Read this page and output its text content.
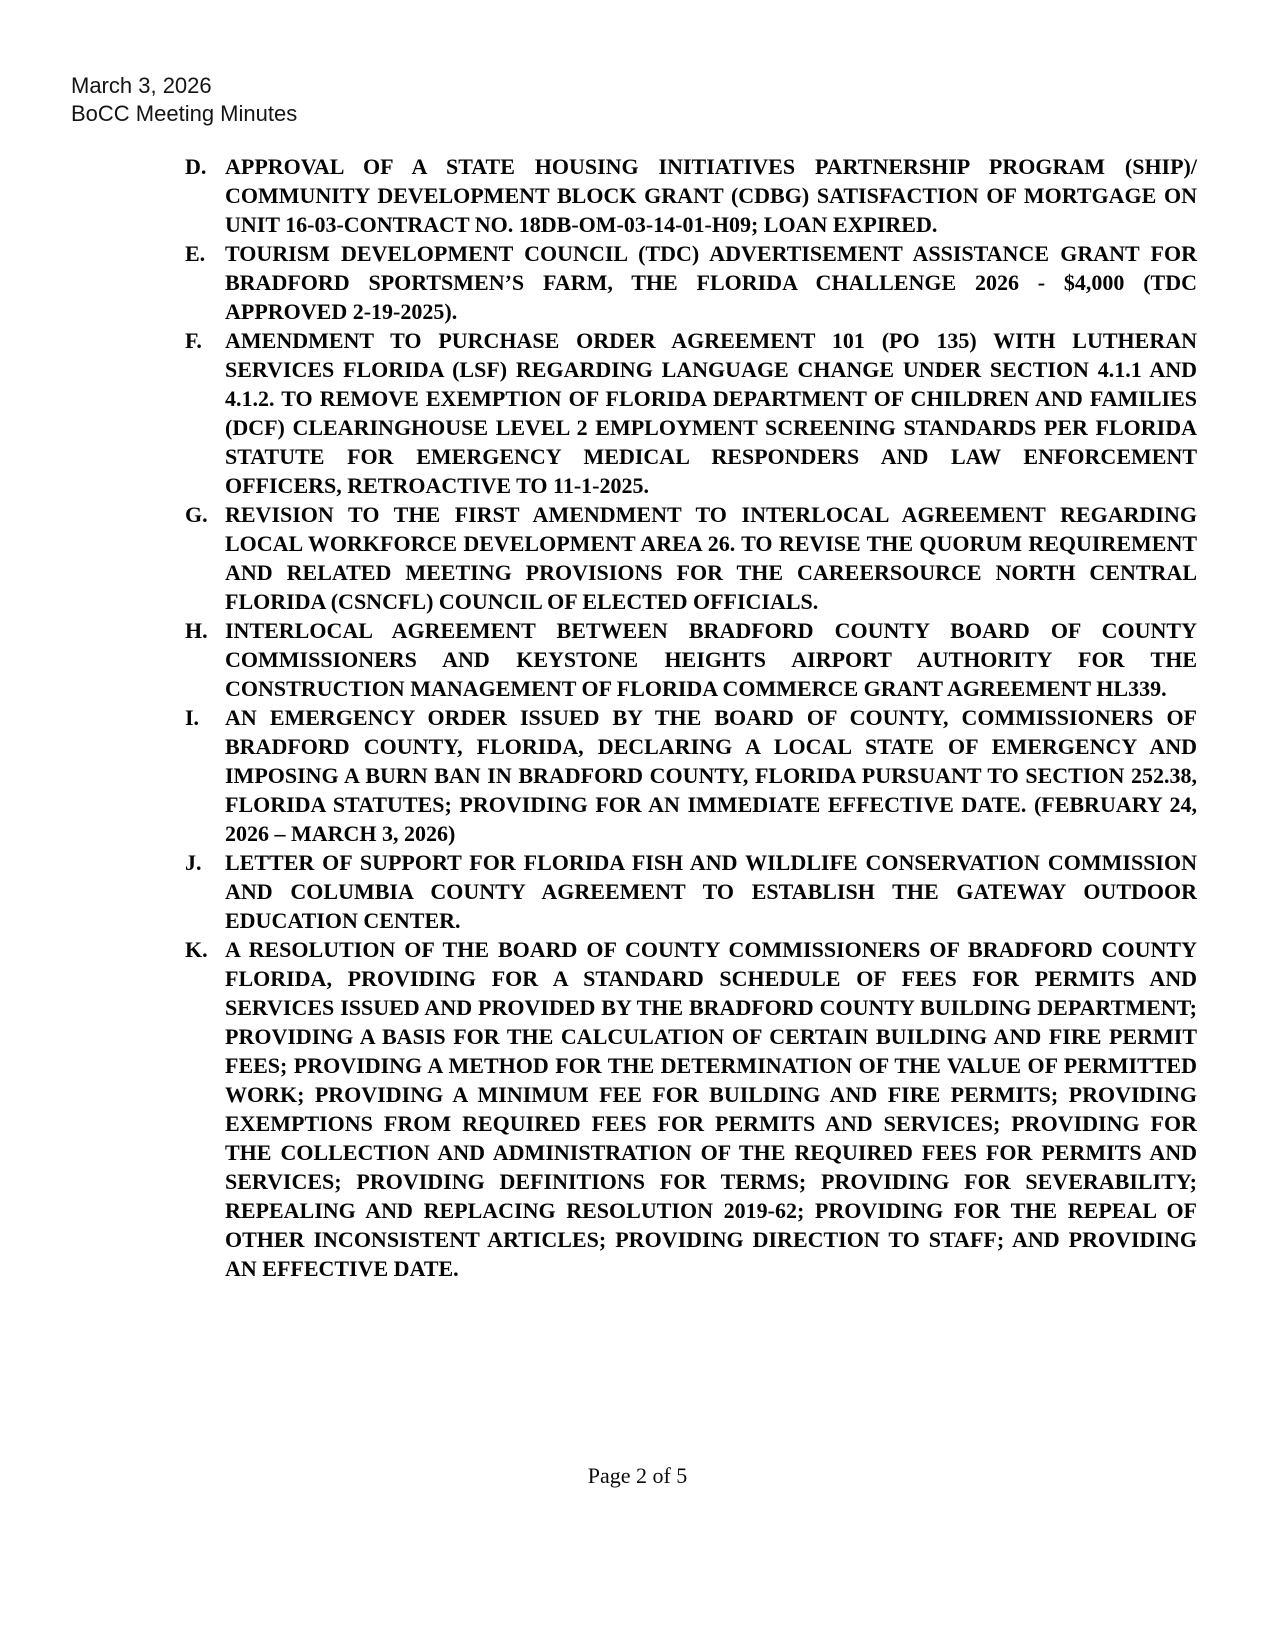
March 3, 2026
BoCC Meeting Minutes
D. APPROVAL OF A STATE HOUSING INITIATIVES PARTNERSHIP PROGRAM (SHIP)/ COMMUNITY DEVELOPMENT BLOCK GRANT (CDBG) SATISFACTION OF MORTGAGE ON UNIT 16-03-CONTRACT NO. 18DB-OM-03-14-01-H09; LOAN EXPIRED.
E. TOURISM DEVELOPMENT COUNCIL (TDC) ADVERTISEMENT ASSISTANCE GRANT FOR BRADFORD SPORTSMEN’S FARM, THE FLORIDA CHALLENGE 2026 - $4,000 (TDC APPROVED 2-19-2025).
F. AMENDMENT TO PURCHASE ORDER AGREEMENT 101 (PO 135) WITH LUTHERAN SERVICES FLORIDA (LSF) REGARDING LANGUAGE CHANGE UNDER SECTION 4.1.1 AND 4.1.2. TO REMOVE EXEMPTION OF FLORIDA DEPARTMENT OF CHILDREN AND FAMILIES (DCF) CLEARINGHOUSE LEVEL 2 EMPLOYMENT SCREENING STANDARDS PER FLORIDA STATUTE FOR EMERGENCY MEDICAL RESPONDERS AND LAW ENFORCEMENT OFFICERS, RETROACTIVE TO 11-1-2025.
G. REVISION TO THE FIRST AMENDMENT TO INTERLOCAL AGREEMENT REGARDING LOCAL WORKFORCE DEVELOPMENT AREA 26. TO REVISE THE QUORUM REQUIREMENT AND RELATED MEETING PROVISIONS FOR THE CAREERSOURCE NORTH CENTRAL FLORIDA (CSNCFL) COUNCIL OF ELECTED OFFICIALS.
H. INTERLOCAL AGREEMENT BETWEEN BRADFORD COUNTY BOARD OF COUNTY COMMISSIONERS AND KEYSTONE HEIGHTS AIRPORT AUTHORITY FOR THE CONSTRUCTION MANAGEMENT OF FLORIDA COMMERCE GRANT AGREEMENT HL339.
I. AN EMERGENCY ORDER ISSUED BY THE BOARD OF COUNTY, COMMISSIONERS OF BRADFORD COUNTY, FLORIDA, DECLARING A LOCAL STATE OF EMERGENCY AND IMPOSING A BURN BAN IN BRADFORD COUNTY, FLORIDA PURSUANT TO SECTION 252.38, FLORIDA STATUTES; PROVIDING FOR AN IMMEDIATE EFFECTIVE DATE. (FEBRUARY 24, 2026 – MARCH 3, 2026)
J. LETTER OF SUPPORT FOR FLORIDA FISH AND WILDLIFE CONSERVATION COMMISSION AND COLUMBIA COUNTY AGREEMENT TO ESTABLISH THE GATEWAY OUTDOOR EDUCATION CENTER.
K. A RESOLUTION OF THE BOARD OF COUNTY COMMISSIONERS OF BRADFORD COUNTY FLORIDA, PROVIDING FOR A STANDARD SCHEDULE OF FEES FOR PERMITS AND SERVICES ISSUED AND PROVIDED BY THE BRADFORD COUNTY BUILDING DEPARTMENT; PROVIDING A BASIS FOR THE CALCULATION OF CERTAIN BUILDING AND FIRE PERMIT FEES; PROVIDING A METHOD FOR THE DETERMINATION OF THE VALUE OF PERMITTED WORK; PROVIDING A MINIMUM FEE FOR BUILDING AND FIRE PERMITS; PROVIDING EXEMPTIONS FROM REQUIRED FEES FOR PERMITS AND SERVICES; PROVIDING FOR THE COLLECTION AND ADMINISTRATION OF THE REQUIRED FEES FOR PERMITS AND SERVICES; PROVIDING DEFINITIONS FOR TERMS; PROVIDING FOR SEVERABILITY; REPEALING AND REPLACING RESOLUTION 2019-62; PROVIDING FOR THE REPEAL OF OTHER INCONSISTENT ARTICLES; PROVIDING DIRECTION TO STAFF; AND PROVIDING AN EFFECTIVE DATE.
Page 2 of 5
